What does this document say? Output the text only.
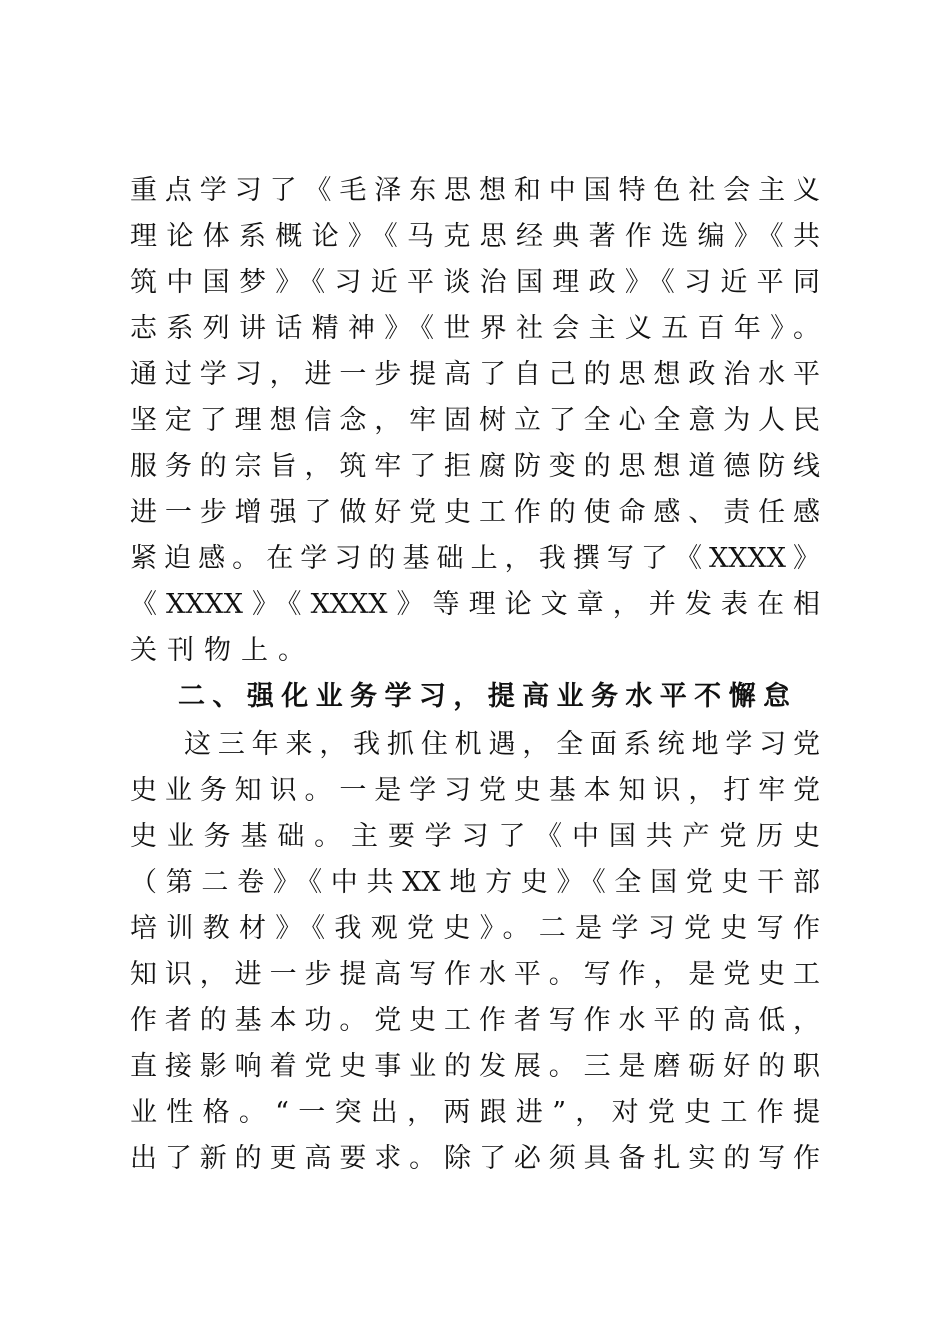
重点学习了《毛泽东思想和中国特色社会主义

理论体系概论》《马克思经典著作选编》《共

筑中国梦》《习近平谈治国理政》《习近平同

志系列讲话精神》《世界社会主义五百年》。

通过学习，进一步提高了自己的思想政治水平

坚定了理想信念，牢固树立了全心全意为人民

服务的宗旨，筑牢了拒腐防变的思想道德防线

进一步增强了做好党史工作的使命感、责任感

紧迫感。在学习的基础上，我撰写了《XXXX》

《XXXX》《XXXX》等理论文章，并发表在相

关刊物上。

二、强化业务学习，提高业务水平不懈怠

这三年来，我抓住机遇，全面系统地学习党

史业务知识。一是学习党史基本知识，打牢党

史业务基础。主要学习了《中国共产党历史

（第二卷》《中共XX地方史》《全国党史干部

培训教材》《我观党史》。二是学习党史写作

知识，进一步提高写作水平。写作，是党史工

作者的基本功。党史工作者写作水平的高低，

直接影响着党史事业的发展。三是磨砺好的职

业性格。“一突出，两跟进”，对党史工作提

出了新的更高要求。除了必须具备扎实的写作
